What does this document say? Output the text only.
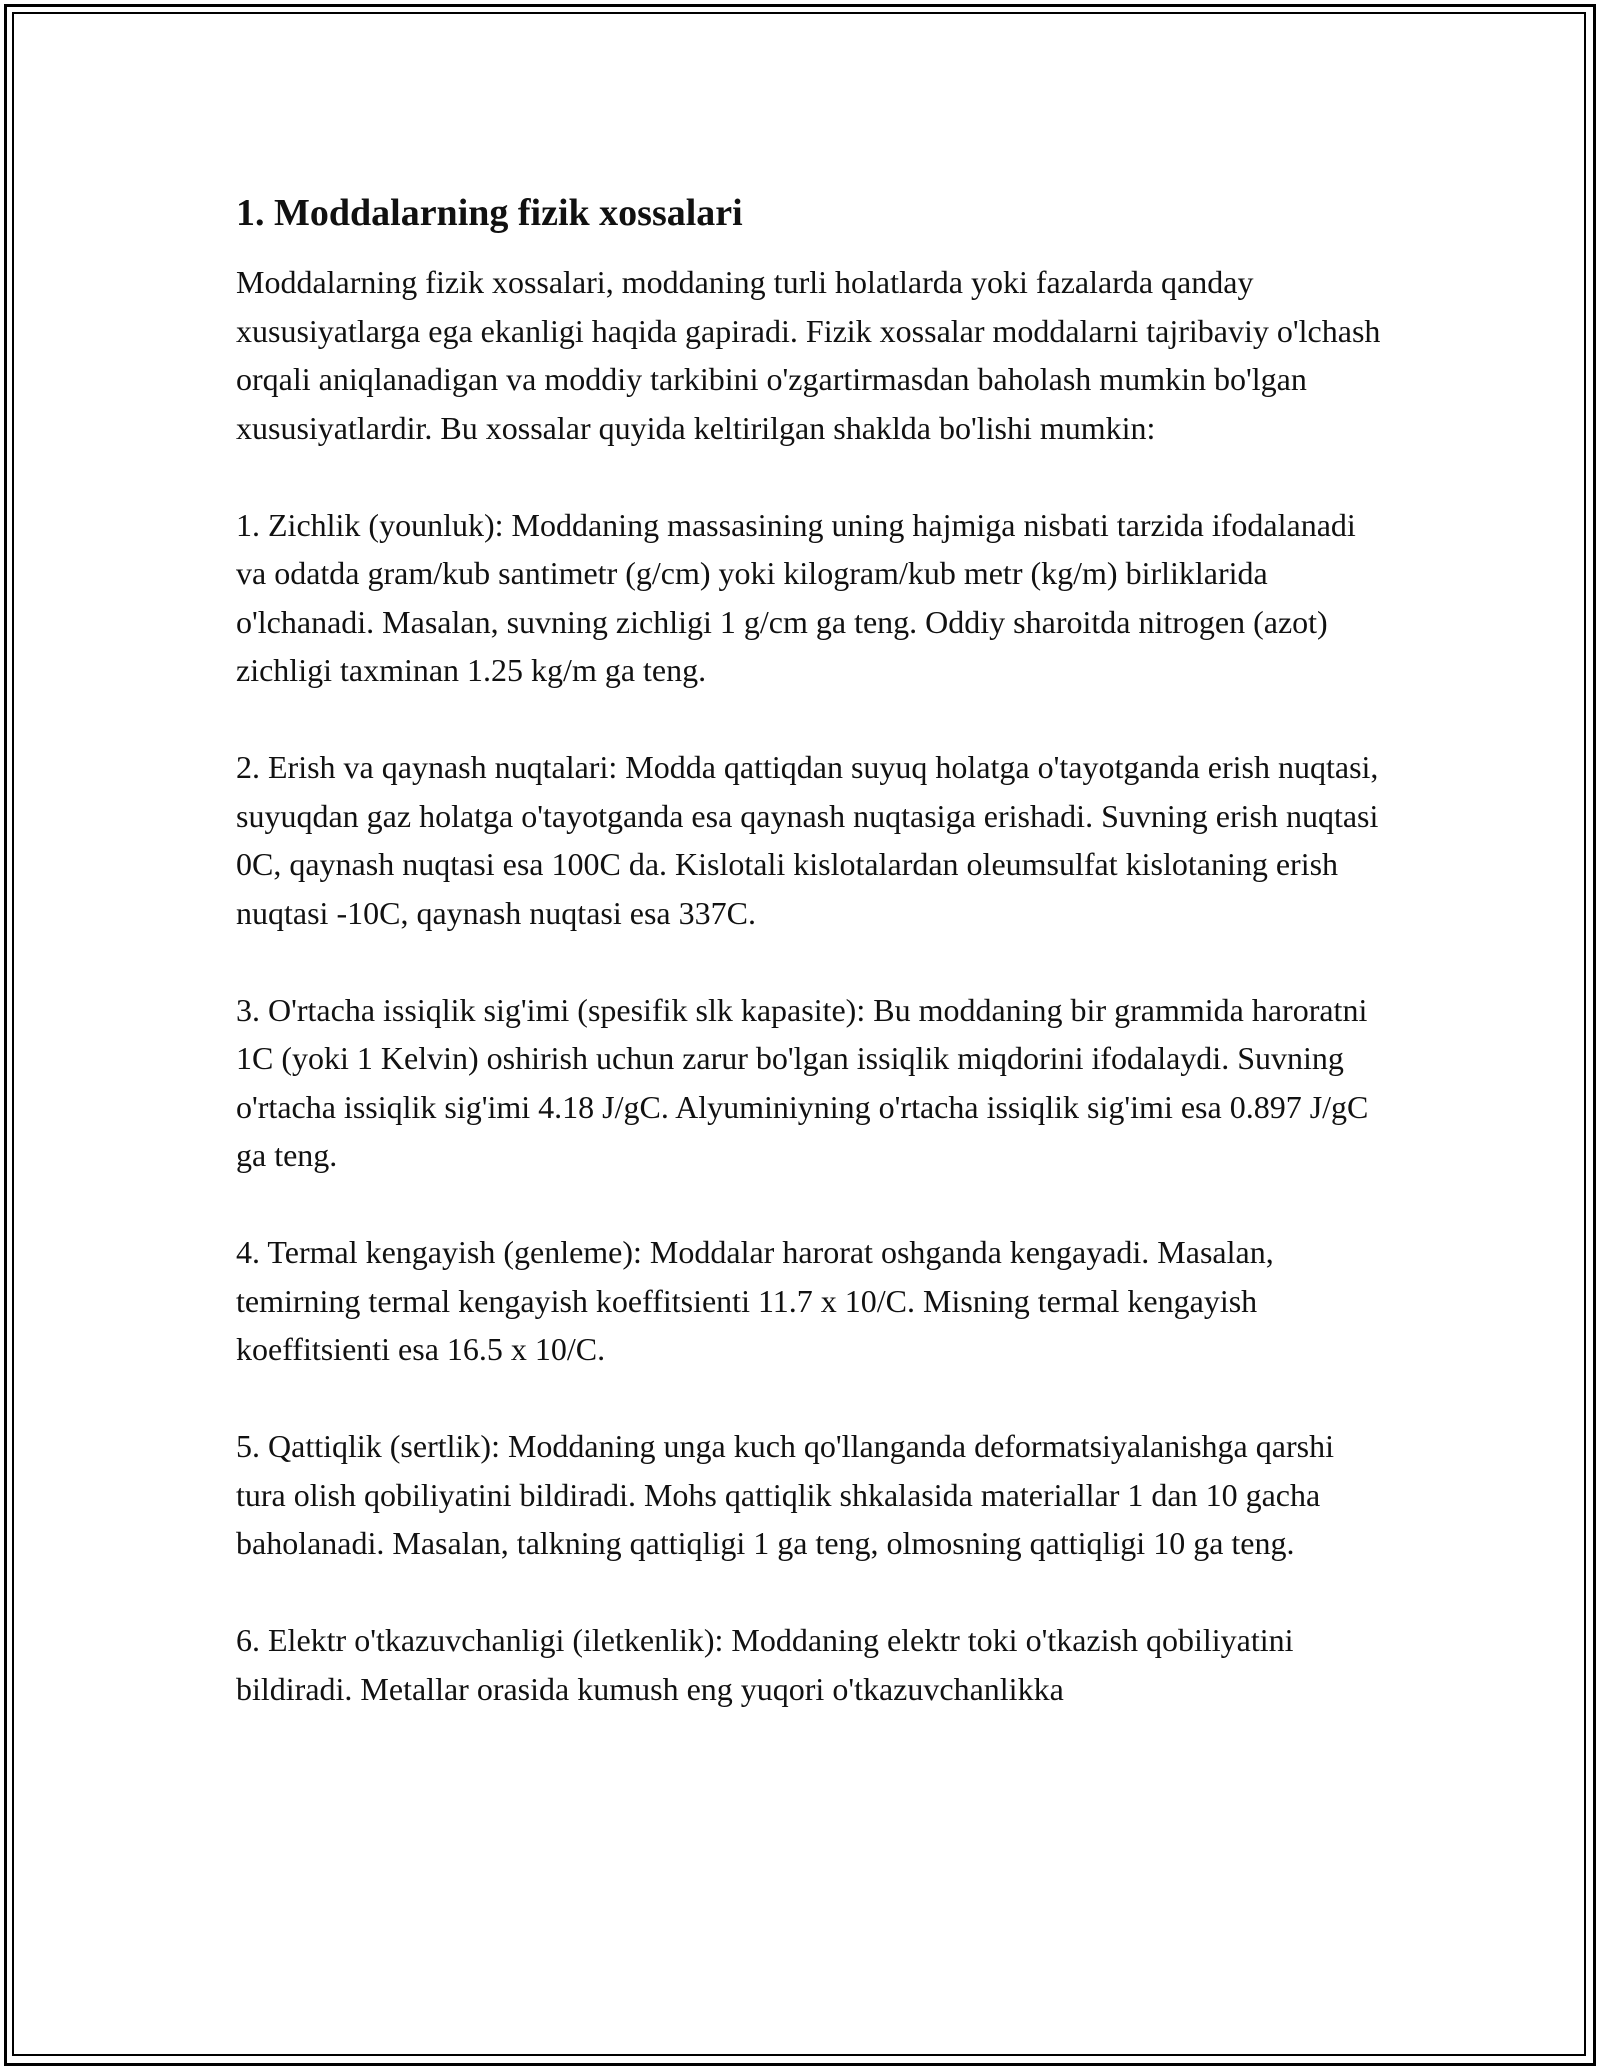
1. Moddalarning fizik xossalari

Moddalarning fizik xossalari, moddaning turli holatlarda yoki fazalarda qanday xususiyatlarga ega ekanligi haqida gapiradi. Fizik xossalar moddalarni tajribaviy o'lchash orqali aniqlanadigan va moddiy tarkibini o'zgartirmasdan baholash mumkin bo'lgan xususiyatlardir. Bu xossalar quyida keltirilgan shaklda bo'lishi mumkin:

1. Zichlik (younluk): Moddaning massasining uning hajmiga nisbati tarzida ifodalanadi va odatda gram/kub santimetr (g/cm) yoki kilogram/kub metr (kg/m) birliklarida o'lchanadi. Masalan, suvning zichligi 1 g/cm ga teng. Oddiy sharoitda nitrogen (azot) zichligi taxminan 1.25 kg/m ga teng.

2. Erish va qaynash nuqtalari: Modda qattiqdan suyuq holatga o'tayotganda erish nuqtasi, suyuqdan gaz holatga o'tayotganda esa qaynash nuqtasiga erishadi. Suvning erish nuqtasi 0C, qaynash nuqtasi esa 100C da. Kislotali kislotalardan oleumsulfat kislotaning erish nuqtasi -10C, qaynash nuqtasi esa 337C.

3. O'rtacha issiqlik sig'imi (spesifik slk kapasite): Bu moddaning bir grammida haroratni 1C (yoki 1 Kelvin) oshirish uchun zarur bo'lgan issiqlik miqdorini ifodalaydi. Suvning o'rtacha issiqlik sig'imi 4.18 J/gC. Alyuminiyning o'rtacha issiqlik sig'imi esa 0.897 J/gC ga teng.

4. Termal kengayish (genleme): Moddalar harorat oshganda kengayadi. Masalan, temirning termal kengayish koeffitsienti 11.7 x 10/C. Misning termal kengayish koeffitsienti esa 16.5 x 10/C.

5. Qattiqlik (sertlik): Moddaning unga kuch qo'llanganda deformatsiyalanishga qarshi tura olish qobiliyatini bildiradi. Mohs qattiqlik shkalasida materiallar 1 dan 10 gacha baholanadi. Masalan, talkning qattiqligi 1 ga teng, olmosning qattiqligi 10 ga teng.

6. Elektr o'tkazuvchanligi (iletkenlik): Moddaning elektr toki o'tkazish qobiliyatini bildiradi. Metallar orasida kumush eng yuqori o'tkazuvchanlikka
